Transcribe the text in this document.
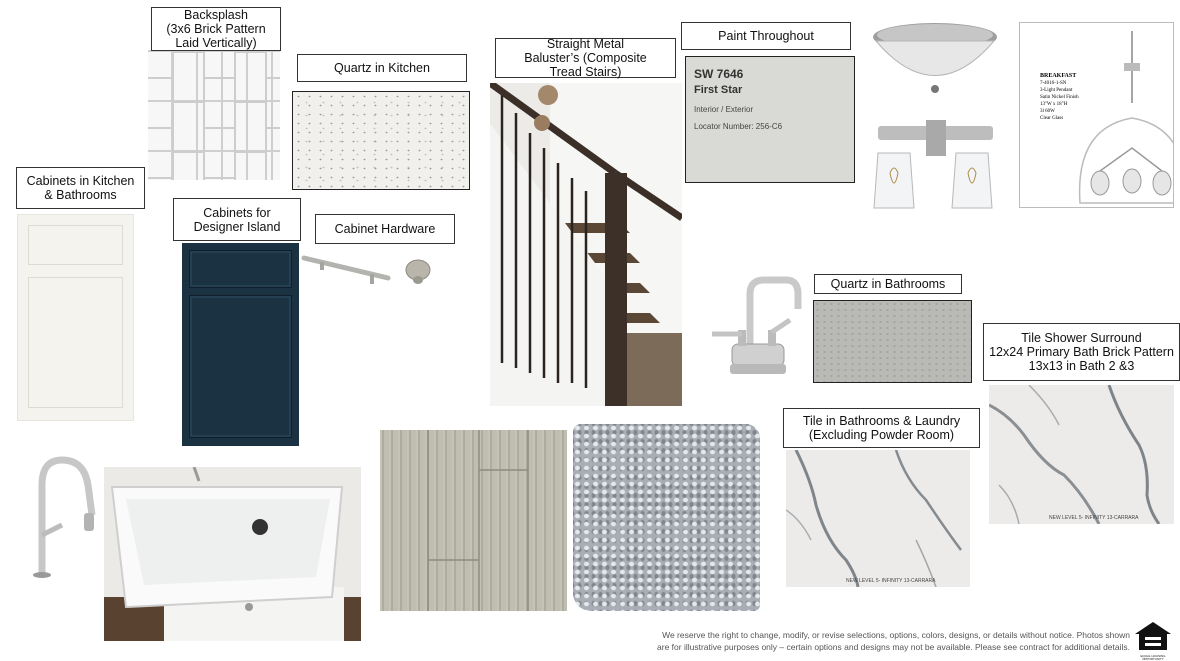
Backsplash
(3x6 Brick Pattern
Laid Vertically)
Quartz in Kitchen
Straight Metal
Baluster’s (Composite
Tread Stairs)
Paint Throughout
SW 7646
First Star
Interior / Exterior
Locator Number: 256-C6
BREAKFAST
7-4016-1-SN
3-Light Pendant
Satin Nickel Finish
13"W x 18"H
3l 60W
Clear Glass
Cabinets in Kitchen
& Bathrooms
Cabinets for
Designer Island	Cabinet Hardware
Quartz in Bathrooms
Tile Shower Surround
12x24 Primary Bath Brick Pattern
13x13 in Bath 2 &3
NEW LEVEL 5- INFINITY 13-CARRARA
Tile in Bathrooms & Laundry
(Excluding Powder Room)
NEW LEVEL 5- INFINITY 13-CARRARA
We reserve the right to change, modify, or revise selections, options, colors, designs, or details without notice. Photos shown
are for illustrative purposes only – certain options and designs may not be available. Please see contract for additional details.
EQUAL HOUSING OPPORTUNITY
